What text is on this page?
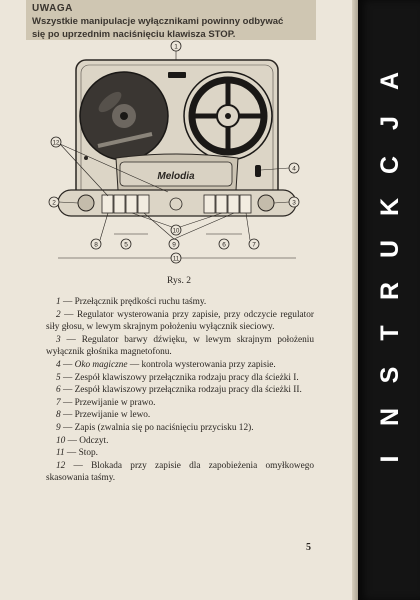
UWAGA
Wszystkie manipulacje wyłącznikami powinny odbywać
się po uprzednim naciśnięciu klawisza STOP.
1
Melodia
12
2	3
4
8	5	9
10
6	7
11
Rys. 2

1 — Przełącznik prędkości ruchu taśmy.

2 — Regulator wysterowania przy zapisie, przy odczycie regulator siły głosu, w lewym skrajnym położeniu wyłącznik sieciowy.

3 — Regulator barwy dźwięku, w lewym skrajnym położeniu wyłącznik głośnika magnetofonu.

4 — Oko magiczne — kontrola wysterowania przy zapisie.

5 — Zespół klawiszowy przełącznika rodzaju pracy dla ścieżki I.

6 — Zespół klawiszowy przełącznika rodzaju pracy dla ścieżki II.

7 — Przewijanie w prawo.

8 — Przewijanie w lewo.

9 — Zapis (zwalnia się po naciśnięciu przycisku 12).

10 — Odczyt.

11 — Stop.

12 — Blokada przy zapisie dla zapobieżenia omyłkowego skasowania taśmy.

5
A
J
C
K
U
R
T
S
N
I
